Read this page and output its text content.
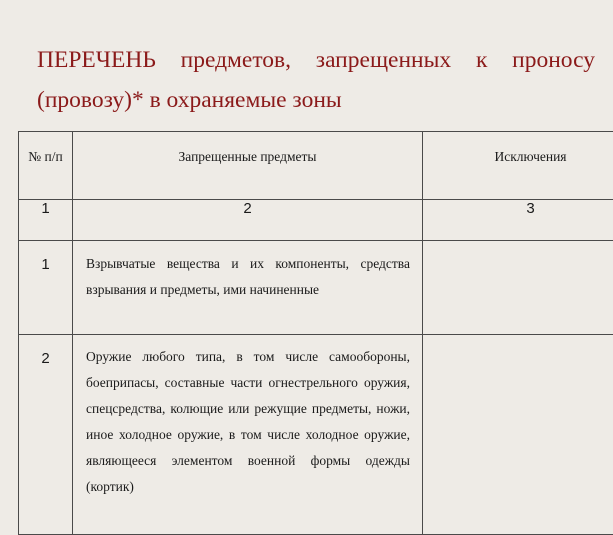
ПЕРЕЧЕНЬ предметов, запрещенных к проносу (провозу)* в охраняемые зоны
№ п/п	Запрещенные предметы	Исключения
1	2	3
1	Взрывчатые вещества и их компоненты, средства взрывания и предметы, ими начиненные	
2	Оружие любого типа, в том числе самообороны, боеприпасы, составные части огнестрельного оружия, спецсредства, колющие или режущие предметы, ножи, иное холодное оружие, в том числе холодное оружие, являющееся элементом военной формы одежды (кортик)	
